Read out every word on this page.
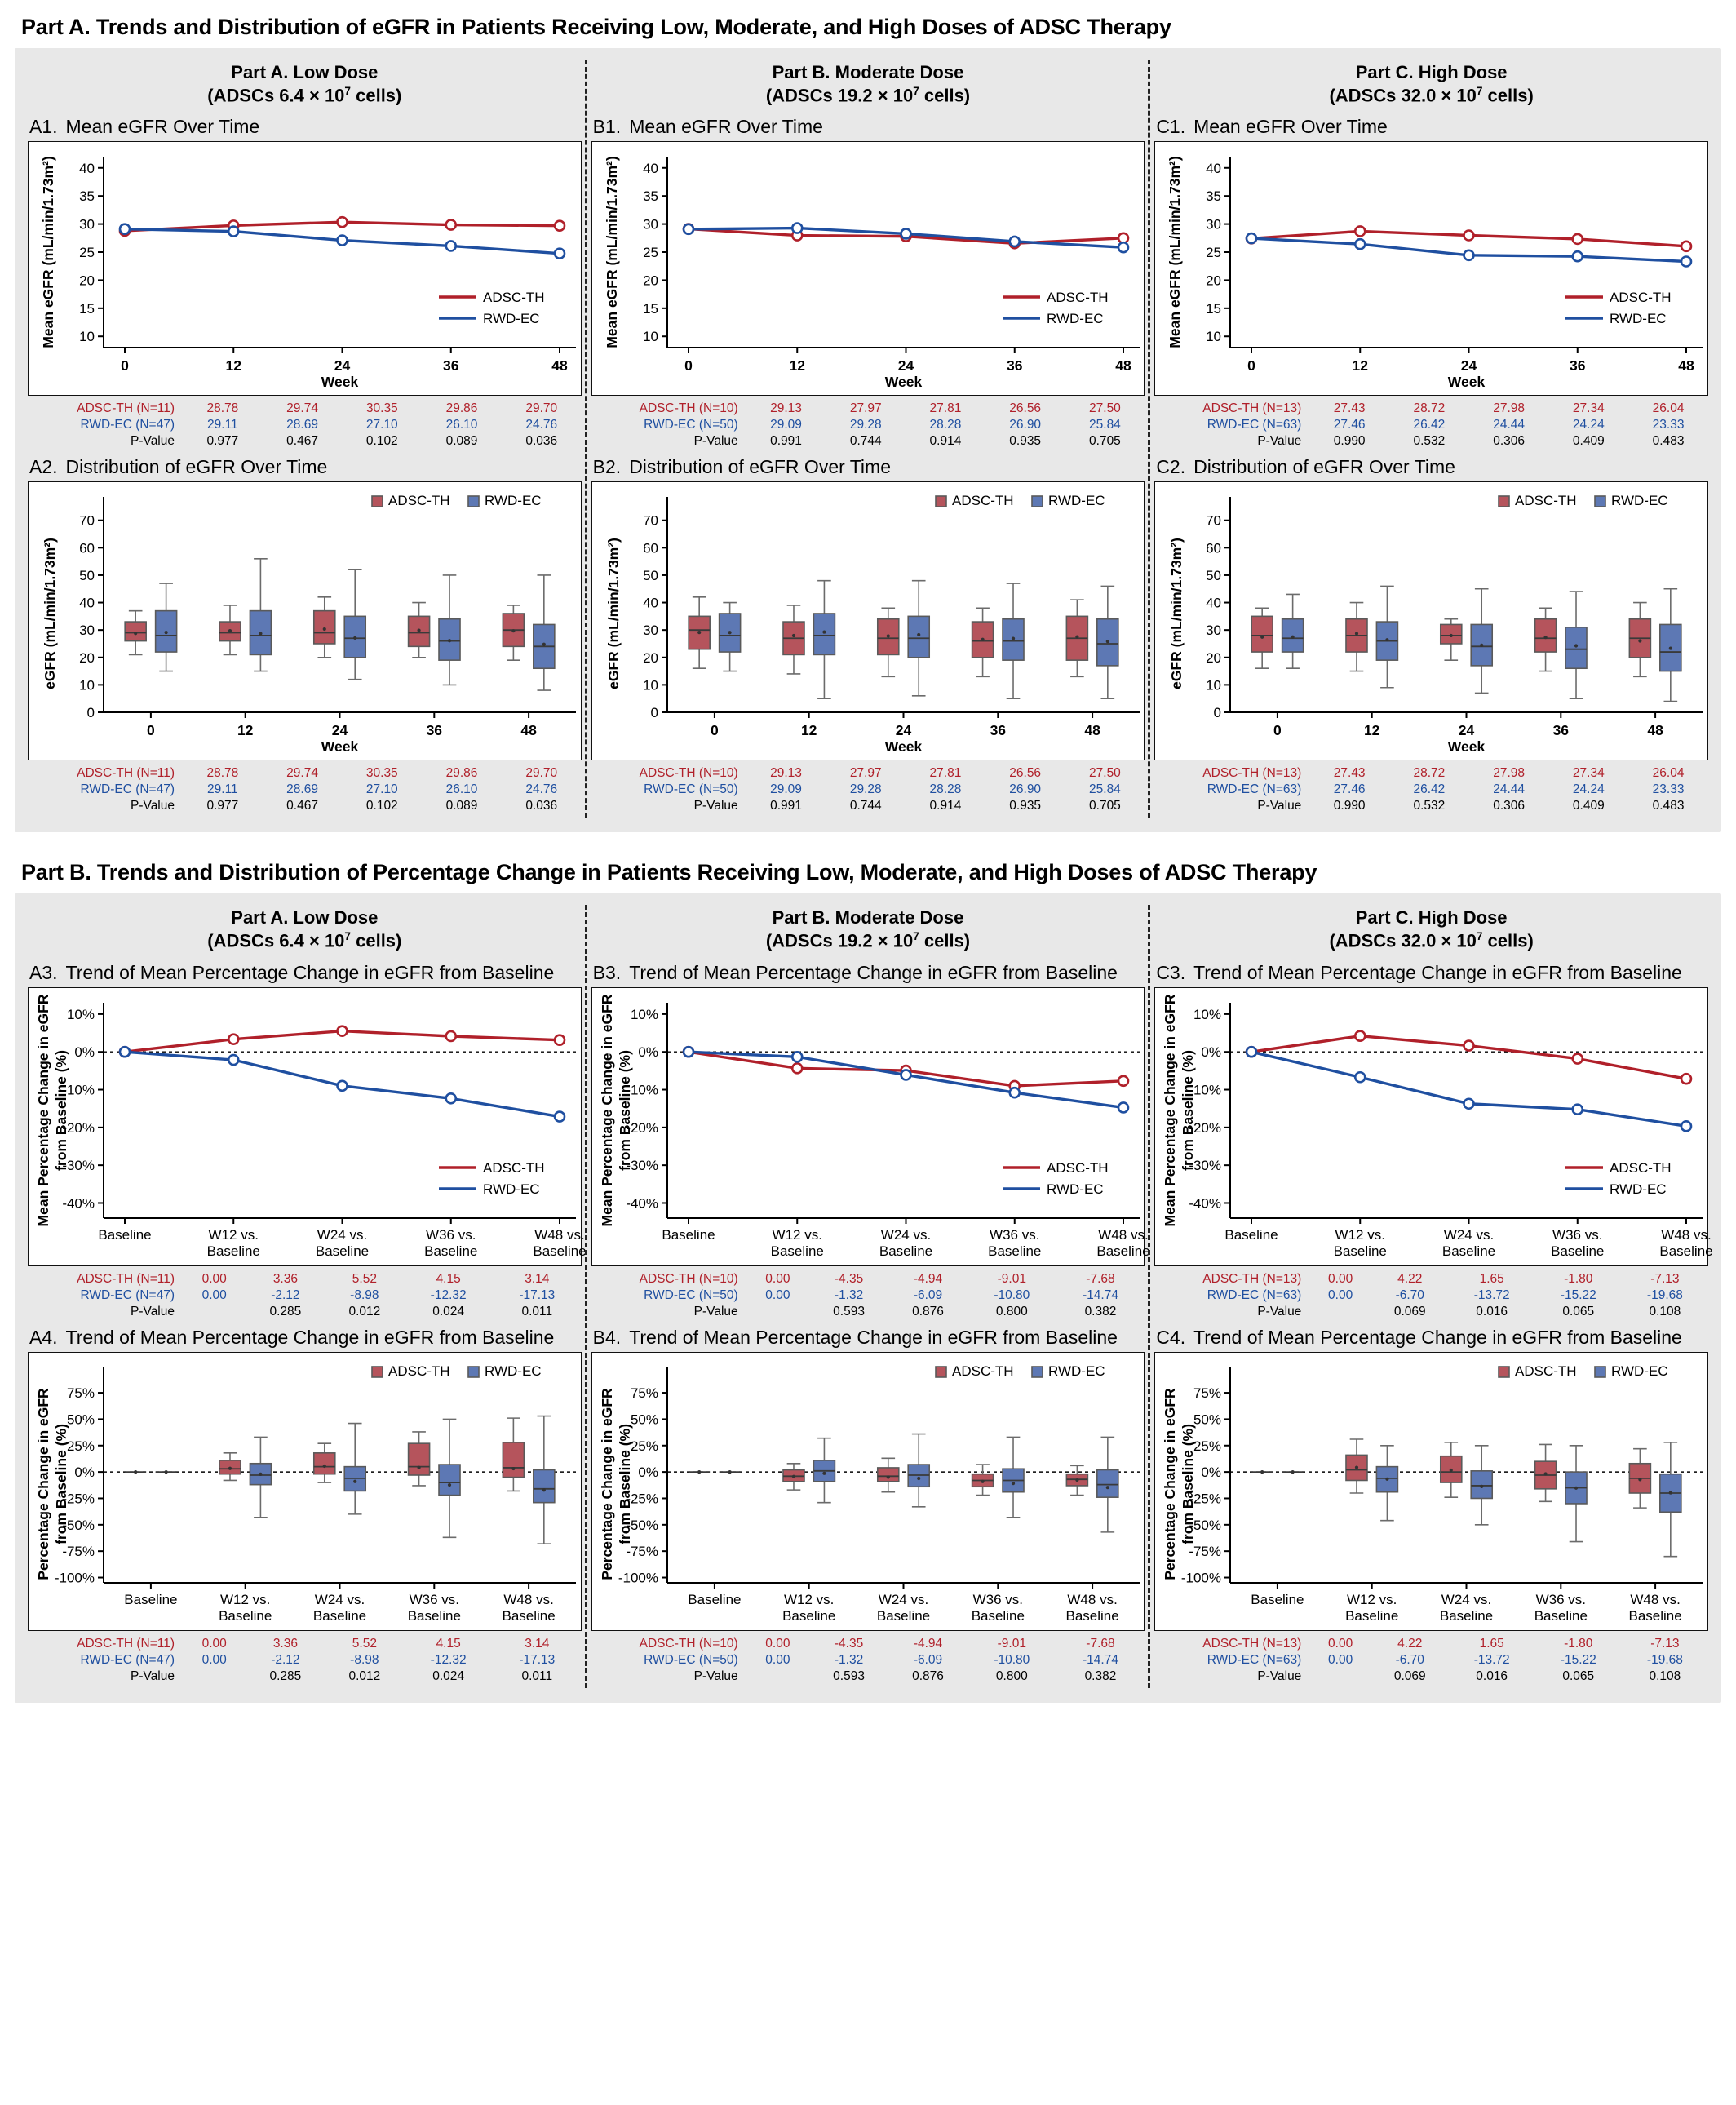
Part A. Trends and Distribution of eGFR in Patients Receiving Low, Moderate, and High Doses of ADSC Therapy
Part A. Low Dose
(ADSCs $6.4 \times 10^7$ cells)
A1. Mean eGFR Over Time
10
15
20
25
30
35
40
0	12	24	36	48
Mean eGFR (mL/min/1.73m²)	ADSC-TH
RWD-EC
Week
ADSC-TH (N=11)	28.78	29.74	30.35	29.86	29.70
RWD-EC (N=47)	29.11	28.69	27.10	26.10	24.76
P-Value	0.977	0.467	0.102	0.089	0.036
A2. Distribution of eGFR Over Time
0
10
20
30
40
50
60
70
0	12	24	36	48
eGFR (mL/min/1.73m²)
ADSC-TH RWD-EC
Week
ADSC-TH (N=11)	28.78	29.74	30.35	29.86	29.70
RWD-EC (N=47)	29.11	28.69	27.10	26.10	24.76
P-Value	0.977	0.467	0.102	0.089	0.036
Part B. Moderate Dose
(ADSCs $19.2 \times 10^7$ cells)
B1. Mean eGFR Over Time
10
15
20
25
30
35
40
0	12	24	36	48
Mean eGFR (mL/min/1.73m²)	ADSC-TH
RWD-EC
Week
ADSC-TH (N=10)	29.13	27.97	27.81	26.56	27.50
RWD-EC (N=50)	29.09	29.28	28.28	26.90	25.84
P-Value	0.991	0.744	0.914	0.935	0.705
B2. Distribution of eGFR Over Time
0
10
20
30
40
50
60
70
0	12	24	36	48
eGFR (mL/min/1.73m²)
ADSC-TH RWD-EC
Week
ADSC-TH (N=10)	29.13	27.97	27.81	26.56	27.50
RWD-EC (N=50)	29.09	29.28	28.28	26.90	25.84
P-Value	0.991	0.744	0.914	0.935	0.705
Part C. High Dose
(ADSCs $32.0 \times 10^7$ cells)
C1. Mean eGFR Over Time
10
15
20
25
30
35
40
0	12	24	36	48
Mean eGFR (mL/min/1.73m²)	ADSC-TH
RWD-EC
Week
ADSC-TH (N=13)	27.43	28.72	27.98	27.34	26.04
RWD-EC (N=63)	27.46	26.42	24.44	24.24	23.33
P-Value	0.990	0.532	0.306	0.409	0.483
C2. Distribution of eGFR Over Time
0
10
20
30
40
50
60
70
0	12	24	36	48
eGFR (mL/min/1.73m²)
ADSC-TH RWD-EC
Week
ADSC-TH (N=13)	27.43	28.72	27.98	27.34	26.04
RWD-EC (N=63)	27.46	26.42	24.44	24.24	23.33
P-Value	0.990	0.532	0.306	0.409	0.483
Part B. Trends and Distribution of Percentage Change in Patients Receiving Low, Moderate, and High Doses of ADSC Therapy
Part A. Low Dose
(ADSCs $6.4 \times 10^7$ cells)
A3. Trend of Mean Percentage Change in eGFR from Baseline
-40%
-30%
-20%
-10%
0%
10%
Baseline	W12 vs.
Baseline
W24 vs.
Baseline
W36 vs.
Baseline
W48 vs.
Baseline
Mean Percentage Change in eGFR from Baseline (%)	ADSC-TH
RWD-EC
ADSC-TH (N=11)	0.00	3.36	5.52	4.15	3.14
RWD-EC (N=47)	0.00	-2.12	-8.98	-12.32	-17.13
P-Value		0.285	0.012	0.024	0.011
A4. Trend of Mean Percentage Change in eGFR from Baseline
-100%
-75%
-50%
-25%
0%
25%
50%
75%
Baseline	W12 vs.
Baseline
W24 vs.
Baseline
W36 vs.
Baseline
W48 vs.
Baseline
Percentage Change in eGFR from Baseline (%)
ADSC-TH RWD-EC
ADSC-TH (N=11)	0.00	3.36	5.52	4.15	3.14
RWD-EC (N=47)	0.00	-2.12	-8.98	-12.32	-17.13
P-Value		0.285	0.012	0.024	0.011
Part B. Moderate Dose
(ADSCs $19.2 \times 10^7$ cells)
B3. Trend of Mean Percentage Change in eGFR from Baseline
-40%
-30%
-20%
-10%
0%
10%
Baseline	W12 vs.
Baseline
W24 vs.
Baseline
W36 vs.
Baseline
W48 vs.
Baseline
Mean Percentage Change in eGFR from Baseline (%)	ADSC-TH
RWD-EC
ADSC-TH (N=10)	0.00	-4.35	-4.94	-9.01	-7.68
RWD-EC (N=50)	0.00	-1.32	-6.09	-10.80	-14.74
P-Value		0.593	0.876	0.800	0.382
B4. Trend of Mean Percentage Change in eGFR from Baseline
-100%
-75%
-50%
-25%
0%
25%
50%
75%
Baseline	W12 vs.
Baseline
W24 vs.
Baseline
W36 vs.
Baseline
W48 vs.
Baseline
Percentage Change in eGFR from Baseline (%)
ADSC-TH RWD-EC
ADSC-TH (N=10)	0.00	-4.35	-4.94	-9.01	-7.68
RWD-EC (N=50)	0.00	-1.32	-6.09	-10.80	-14.74
P-Value		0.593	0.876	0.800	0.382
Part C. High Dose
(ADSCs $32.0 \times 10^7$ cells)
C3. Trend of Mean Percentage Change in eGFR from Baseline
-40%
-30%
-20%
-10%
0%
10%
Baseline	W12 vs.
Baseline
W24 vs.
Baseline
W36 vs.
Baseline
W48 vs.
Baseline
Mean Percentage Change in eGFR from Baseline (%)	ADSC-TH
RWD-EC
ADSC-TH (N=13)	0.00	4.22	1.65	-1.80	-7.13
RWD-EC (N=63)	0.00	-6.70	-13.72	-15.22	-19.68
P-Value		0.069	0.016	0.065	0.108
C4. Trend of Mean Percentage Change in eGFR from Baseline
-100%
-75%
-50%
-25%
0%
25%
50%
75%
Baseline	W12 vs.
Baseline
W24 vs.
Baseline
W36 vs.
Baseline
W48 vs.
Baseline
Percentage Change in eGFR from Baseline (%)
ADSC-TH RWD-EC
ADSC-TH (N=13)	0.00	4.22	1.65	-1.80	-7.13
RWD-EC (N=63)	0.00	-6.70	-13.72	-15.22	-19.68
P-Value		0.069	0.016	0.065	0.108
